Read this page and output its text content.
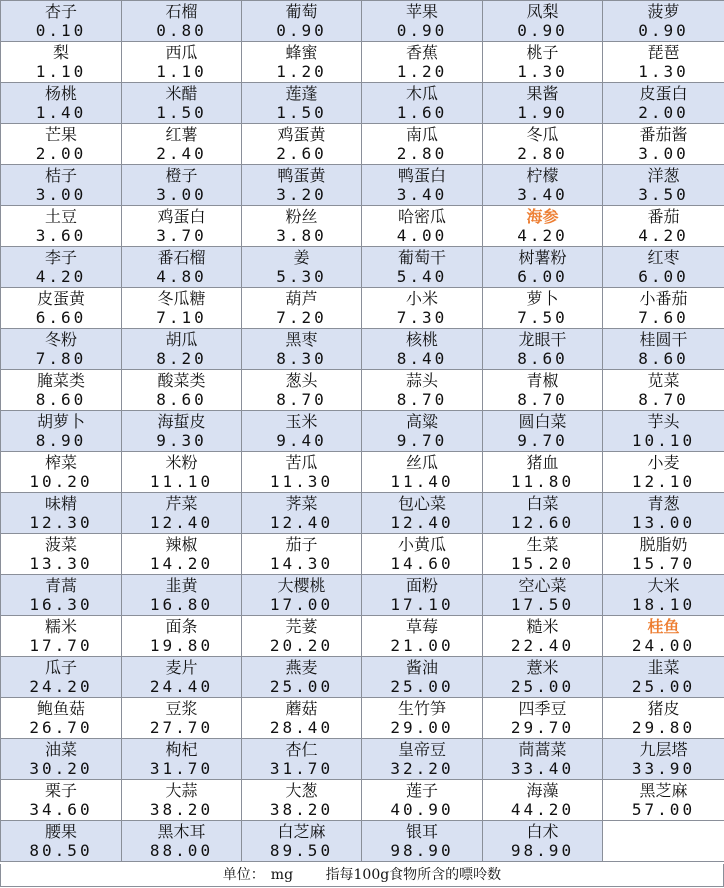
杏子
0.10	石榴
0.80	葡萄
0.90	苹果
0.90	凤梨
0.90	菠萝
0.90

梨
1.10	西瓜
1.10	蜂蜜
1.20	香蕉
1.20	桃子
1.30	琵琶
1.30

杨桃
1.40	米醋
1.50	莲蓬
1.50	木瓜
1.60	果酱
1.90	皮蛋白
2.00

芒果
2.00	红薯
2.40	鸡蛋黄
2.60	南瓜
2.80	冬瓜
2.80	番茄酱
3.00

桔子
3.00	橙子
3.00	鸭蛋黄
3.20	鸭蛋白
3.40	柠檬
3.40	洋葱
3.50

土豆
3.60	鸡蛋白
3.70	粉丝
3.80	哈密瓜
4.00	海参
4.20	番茄
4.20

李子
4.20	番石榴
4.80	姜
5.30	葡萄干
5.40	树薯粉
6.00	红枣
6.00

皮蛋黄
6.60	冬瓜糖
7.10	葫芦
7.20	小米
7.30	萝卜
7.50	小番茄
7.60

冬粉
7.80	胡瓜
8.20	黑枣
8.30	核桃
8.40	龙眼干
8.60	桂圆干
8.60

腌菜类
8.60	酸菜类
8.60	葱头
8.70	蒜头
8.70	青椒
8.70	苋菜
8.70

胡萝卜
8.90	海蜇皮
9.30	玉米
9.40	高粱
9.70	圆白菜
9.70	芋头
10.10

榨菜
10.20	米粉
11.10	苦瓜
11.30	丝瓜
11.40	猪血
11.80	小麦
12.10

味精
12.30	芹菜
12.40	荠菜
12.40	包心菜
12.40	白菜
12.60	青葱
13.00

菠菜
13.30	辣椒
14.20	茄子
14.30	小黄瓜
14.60	生菜
15.20	脱脂奶
15.70

青蒿
16.30	韭黄
16.80	大樱桃
17.00	面粉
17.10	空心菜
17.50	大米
18.10

糯米
17.70	面条
19.80	芫荽
20.20	草莓
21.00	糙米
22.40	桂鱼
24.00

瓜子
24.20	麦片
24.40	燕麦
25.00	酱油
25.00	薏米
25.00	韭菜
25.00

鲍鱼菇
26.70	豆浆
27.70	蘑菇
28.40	生竹笋
29.00	四季豆
29.70	猪皮
29.80

油菜
30.20	枸杞
31.70	杏仁
31.70	皇帝豆
32.20	茼蒿菜
33.40	九层塔
33.90

栗子
34.60	大蒜
38.20	大葱
38.20	莲子
40.90	海藻
44.20	黑芝麻
57.00

腰果
80.50	黑木耳
88.00	白芝麻
89.50	银耳
98.90	白术
98.90	

单位： mg 指每100g食物所含的嘌呤数
